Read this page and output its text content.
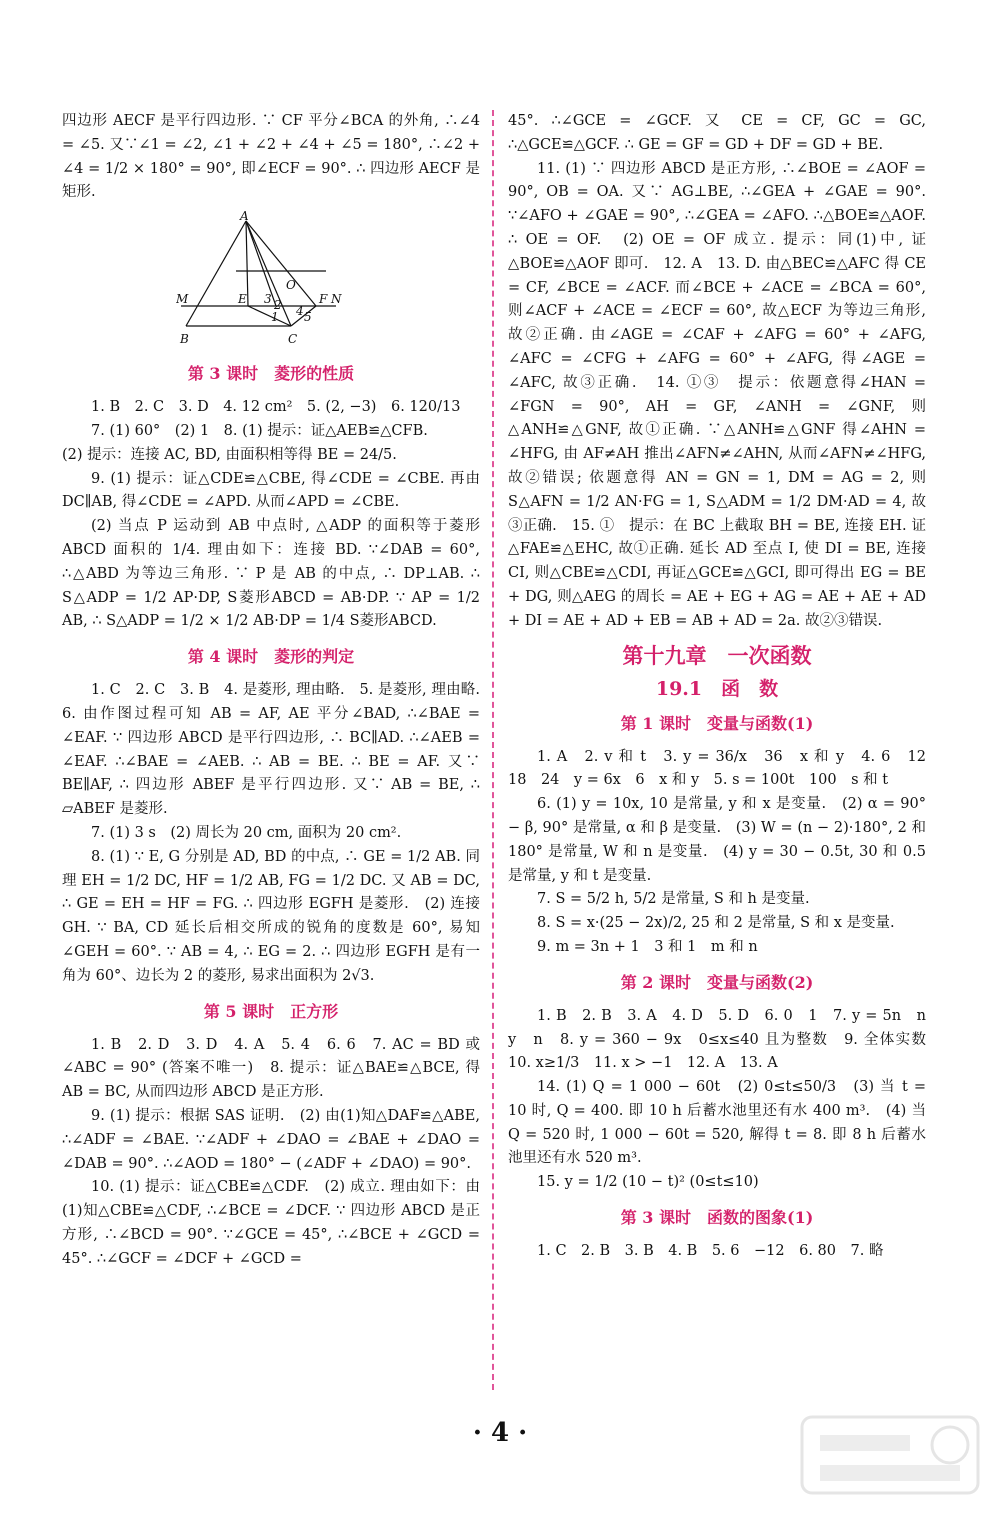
四边形 AECF 是平行四边形. ∵ CF 平分∠BCA 的外角, ∴∠4 = ∠5. 又∵∠1 = ∠2, ∠1 + ∠2 + ∠4 + ∠5 = 180°, ∴∠2 + ∠4 = 1/2 × 180° = 90°, 即∠ECF = 90°. ∴ 四边形 AECF 是矩形.

A
O
M	E 3 2 4
F N
1 5
B	C
第 3 课时　菱形的性质

1. B　2. C　3. D　4. 12 cm²　5. (2, −3)　6. 120/13

7. (1) 60°　(2) 1　8. (1) 提示：证△AEB≌△CFB.

(2) 提示：连接 AC, BD, 由面积相等得 BE = 24/5.

9. (1) 提示：证△CDE≌△CBE, 得∠CDE = ∠CBE. 再由 DC∥AB, 得∠CDE = ∠APD. 从而∠APD = ∠CBE.

(2) 当点 P 运动到 AB 中点时, △ADP 的面积等于菱形 ABCD 面积的 1/4. 理由如下：连接 BD. ∵∠DAB = 60°, ∴△ABD 为等边三角形. ∵ P 是 AB 的中点, ∴ DP⊥AB. ∴ S△ADP = 1/2 AP·DP, S菱形ABCD = AB·DP. ∵ AP = 1/2 AB, ∴ S△ADP = 1/2 × 1/2 AB·DP = 1/4 S菱形ABCD.

第 4 课时　菱形的判定

1. C　2. C　3. B　4. 是菱形, 理由略.　5. 是菱形, 理由略.　6. 由作图过程可知 AB = AF, AE 平分∠BAD, ∴∠BAE = ∠EAF. ∵ 四边形 ABCD 是平行四边形, ∴ BC∥AD. ∴∠AEB = ∠EAF. ∴∠BAE = ∠AEB. ∴ AB = BE. ∴ BE = AF. 又∵ BE∥AF, ∴ 四边形 ABEF 是平行四边形. 又∵ AB = BE, ∴ ▱ABEF 是菱形.

7. (1) 3 s　(2) 周长为 20 cm, 面积为 20 cm².

8. (1) ∵ E, G 分别是 AD, BD 的中点, ∴ GE = 1/2 AB. 同理 EH = 1/2 DC, HF = 1/2 AB, FG = 1/2 DC. 又 AB = DC, ∴ GE = EH = HF = FG. ∴ 四边形 EGFH 是菱形.　(2) 连接 GH. ∵ BA, CD 延长后相交所成的锐角的度数是 60°, 易知∠GEH = 60°. ∵ AB = 4, ∴ EG = 2. ∴ 四边形 EGFH 是有一角为 60°、边长为 2 的菱形, 易求出面积为 2√3.

第 5 课时　正方形

1. B　2. D　3. D　4. A　5. 4　6. 6　7. AC = BD 或∠ABC = 90° (答案不唯一)　8. 提示：证△BAE≌△BCE, 得 AB = BC, 从而四边形 ABCD 是正方形.

9. (1) 提示：根据 SAS 证明.　(2) 由(1)知△DAF≌△ABE, ∴∠ADF = ∠BAE. ∵∠ADF + ∠DAO = ∠BAE + ∠DAO = ∠DAB = 90°. ∴∠AOD = 180° − (∠ADF + ∠DAO) = 90°.

10. (1) 提示：证△CBE≌△CDF.　(2) 成立. 理由如下：由(1)知△CBE≌△CDF, ∴∠BCE = ∠DCF. ∵ 四边形 ABCD 是正方形, ∴∠BCD = 90°. ∵∠GCE = 45°, ∴∠BCE + ∠GCD = 45°. ∴∠GCF = ∠DCF + ∠GCD =

45°. ∴∠GCE = ∠GCF. 又 CE = CF, GC = GC, ∴△GCE≌△GCF. ∴ GE = GF = GD + DF = GD + BE.

11. (1) ∵ 四边形 ABCD 是正方形, ∴∠BOE = ∠AOF = 90°, OB = OA. 又∵ AG⊥BE, ∴∠GEA + ∠GAE = 90°. ∵∠AFO + ∠GAE = 90°, ∴∠GEA = ∠AFO. ∴△BOE≌△AOF. ∴ OE = OF.　(2) OE = OF 成立. 提示：同(1)中, 证△BOE≌△AOF 即可.　12. A　13. D. 由△BEC≌△AFC 得 CE = CF, ∠BCE = ∠ACF. 而∠BCE + ∠ACE = ∠BCA = 60°, 则∠ACF + ∠ACE = ∠ECF = 60°, 故△ECF 为等边三角形, 故②正确. 由∠AGE = ∠CAF + ∠AFG = 60° + ∠AFG, ∠AFC = ∠CFG + ∠AFG = 60° + ∠AFG, 得∠AGE = ∠AFC, 故③正确.　14. ①③　提示：依题意得∠HAN = ∠FGN = 90°, AH = GF, ∠ANH = ∠GNF, 则△ANH≌△GNF, 故①正确. ∵△ANH≌△GNF 得∠AHN = ∠HFG, 由 AF≠AH 推出∠AFN≠∠AHN, 从而∠AFN≠∠HFG, 故②错误; 依题意得 AN = GN = 1, DM = AG = 2, 则 S△AFN = 1/2 AN·FG = 1, S△ADM = 1/2 DM·AD = 4, 故③正确.　15. ①　提示：在 BC 上截取 BH = BE, 连接 EH. 证△FAE≌△EHC, 故①正确. 延长 AD 至点 I, 使 DI = BE, 连接 CI, 则△CBE≌△CDI, 再证△GCE≌△GCI, 即可得出 EG = BE + DG, 则△AEG 的周长 = AE + EG + AG = AE + AE + AD + DI = AE + AD + EB = AB + AD = 2a. 故②③错误.

第十九章　一次函数
19.1　函　数
第 1 课时　变量与函数(1)

1. A　2. v 和 t　3. y = 36/x　36　x 和 y　4. 6　12　18　24　y = 6x　6　x 和 y　5. s = 100t　100　s 和 t

6. (1) y = 10x, 10 是常量, y 和 x 是变量.　(2) α = 90° − β, 90° 是常量, α 和 β 是变量.　(3) W = (n − 2)·180°, 2 和 180° 是常量, W 和 n 是变量.　(4) y = 30 − 0.5t, 30 和 0.5 是常量, y 和 t 是变量.

7. S = 5/2 h, 5/2 是常量, S 和 h 是变量.

8. S = x·(25 − 2x)/2, 25 和 2 是常量, S 和 x 是变量.

9. m = 3n + 1　3 和 1　m 和 n

第 2 课时　变量与函数(2)

1. B　2. B　3. A　4. D　5. D　6. 0　1　7. y = 5n　n　y　n　8. y = 360 − 9x　0≤x≤40 且为整数　9. 全体实数　10. x≥1/3　11. x > −1　12. A　13. A

14. (1) Q = 1 000 − 60t　(2) 0≤t≤50/3　(3) 当 t = 10 时, Q = 400. 即 10 h 后蓄水池里还有水 400 m³.　(4) 当 Q = 520 时, 1 000 − 60t = 520, 解得 t = 8. 即 8 h 后蓄水池里还有水 520 m³.

15. y = 1/2 (10 − t)² (0≤t≤10)

第 3 课时　函数的图象(1)

1. C　2. B　3. B　4. B　5. 6　−12　6. 80　7. 略

· 4 ·
